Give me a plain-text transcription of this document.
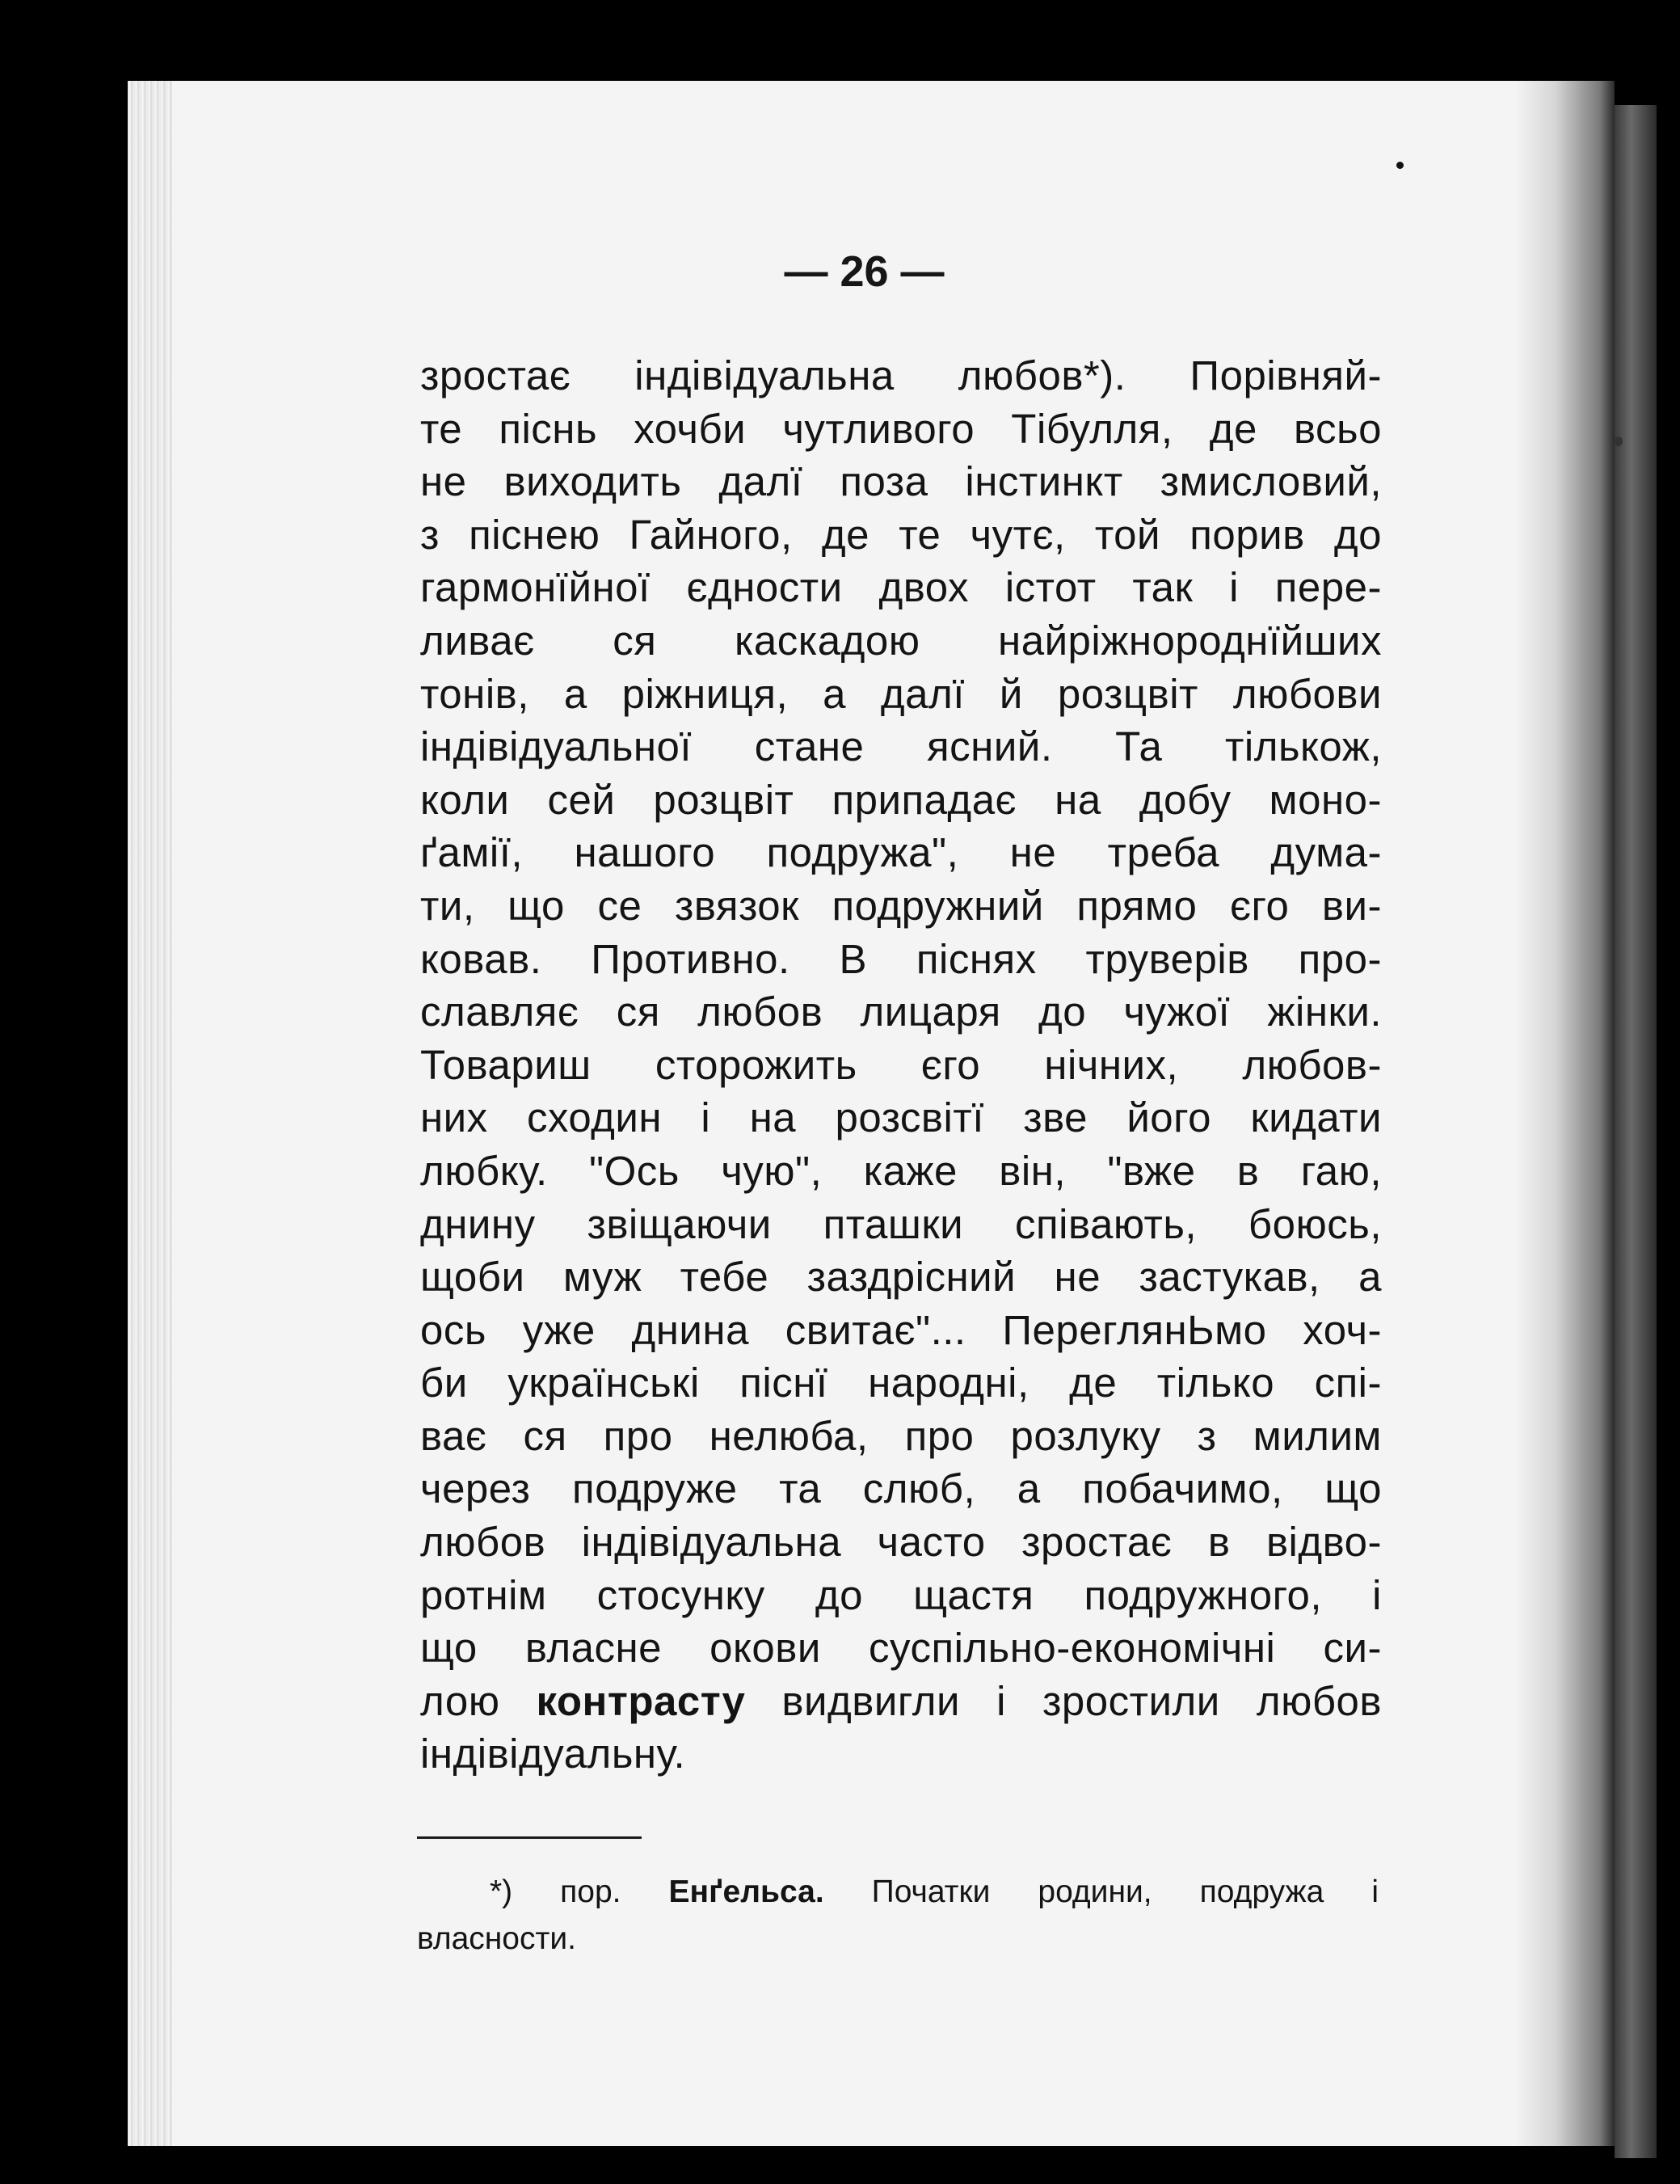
— 26 —
зростає індівідуальна любов*). Порівняй-
те піснь хочби чутливого Тібулля, де всьо
не виходить далї поза інстинкт змисловий,
з піснею Гайного, де те чутє, той порив до
гармонїйної єдности двох істот так і пере-
ливає ся каскадою найріжнороднїйших
тонів, а ріжниця, а далї й розцвіт любови
індівідуальної стане ясний. Та тількож,
коли сей розцвіт припадає на добу моно-
ґамії, нашого подружа", не треба дума-
ти, що се звязок подружний прямо єго ви-
ковав. Противно. В піснях труверів про-
славляє ся любов лицаря до чужої жінки.
Товариш сторожить єго нічних, любов-
них сходин і на розсвітї зве його кидати
любку. "Ось чую", каже він, "вже в гаю,
днину звіщаючи пташки співають, боюсь,
щоби муж тебе заздрісний не застукав, а
ось уже днина свитає"... ПереглянЬмо хоч-
би українські піснї народні, де тілько спі-
ває ся про нелюба, про розлуку з милим
через подруже та слюб, а побачимо, що
любов індівідуальна часто зростає в відво-
ротнім стосунку до щастя подружного, і
що власне окови суспільно-економічні си-
лою контрасту видвигли і зростили любов
індівідуальну.
*) пор. Енґельса. Початки родини, подружа і
власности.
